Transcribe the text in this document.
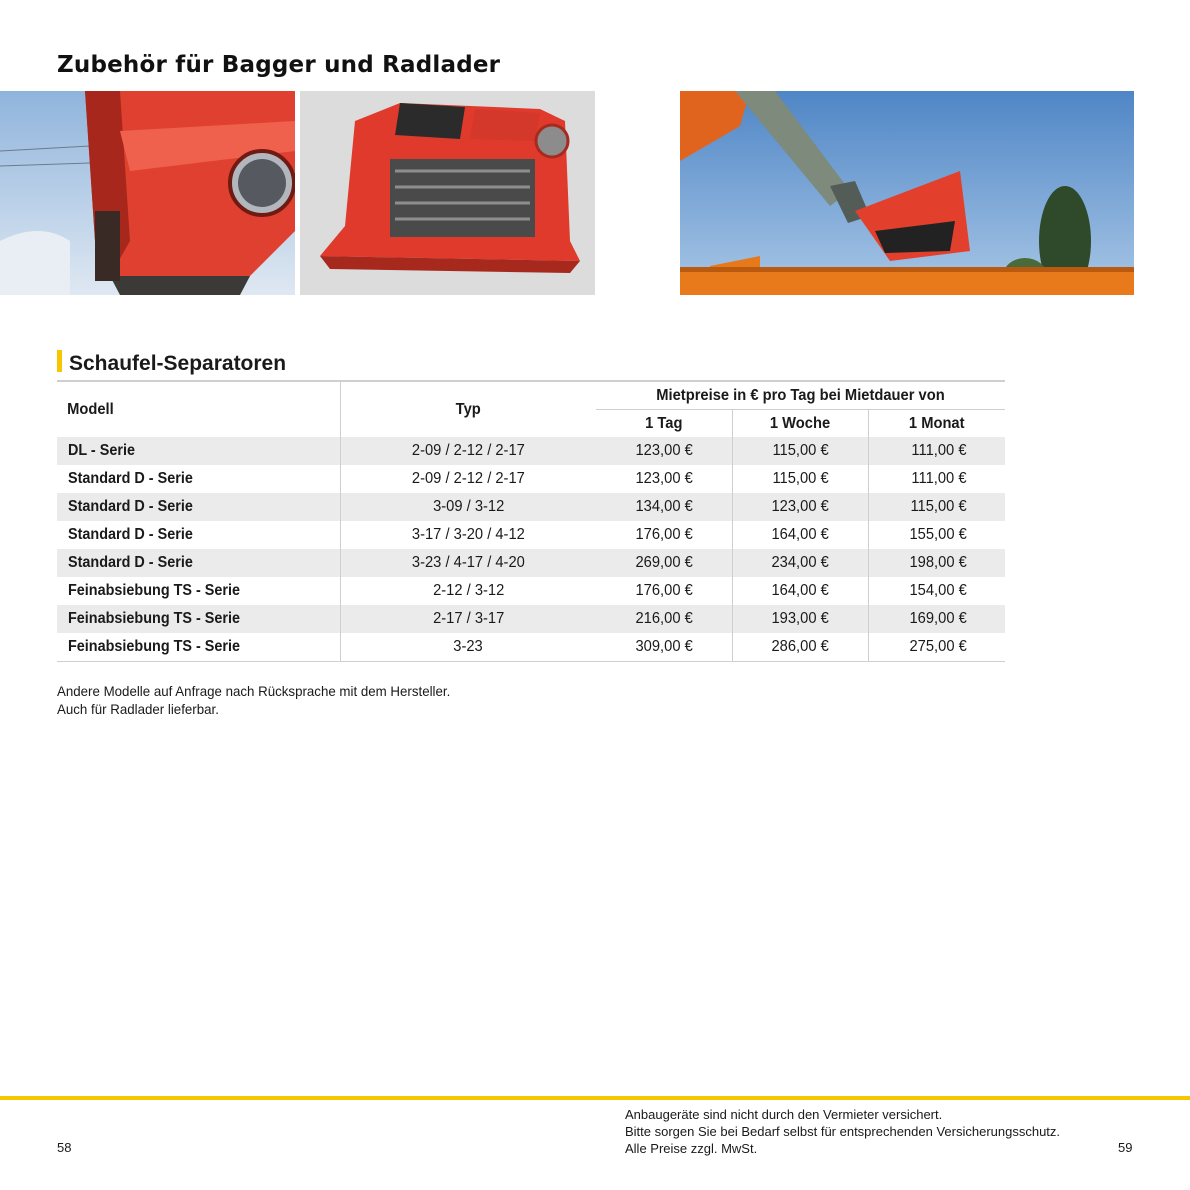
Zubehör für Bagger und Radlader
Schaufel-Separatoren
Modell	Typ	Mietpreise in € pro Tag bei Mietdauer von		
		1 Tag	1 Woche	1 Monat
DL - Serie	2-09 / 2-12 / 2-17	123,00 €	115,00 €	111,00 €
Standard D - Serie	2-09 / 2-12 / 2-17	123,00 €	115,00 €	111,00 €
Standard D - Serie	3-09 / 3-12	134,00 €	123,00 €	115,00 €
Standard D - Serie	3-17 / 3-20 / 4-12	176,00 €	164,00 €	155,00 €
Standard D - Serie	3-23 / 4-17 / 4-20	269,00 €	234,00 €	198,00 €
Feinabsiebung TS - Serie	2-12 / 3-12	176,00 €	164,00 €	154,00 €
Feinabsiebung TS - Serie	2-17 / 3-17	216,00 €	193,00 €	169,00 €
Feinabsiebung TS - Serie	3-23	309,00 €	286,00 €	275,00 €
Andere Modelle auf Anfrage nach Rücksprache mit dem Hersteller.
Auch für Radlader lieferbar.
58
Anbaugeräte sind nicht durch den Vermieter versichert.
Bitte sorgen Sie bei Bedarf selbst für entsprechenden Versicherungsschutz.
Alle Preise zzgl. MwSt.	59
